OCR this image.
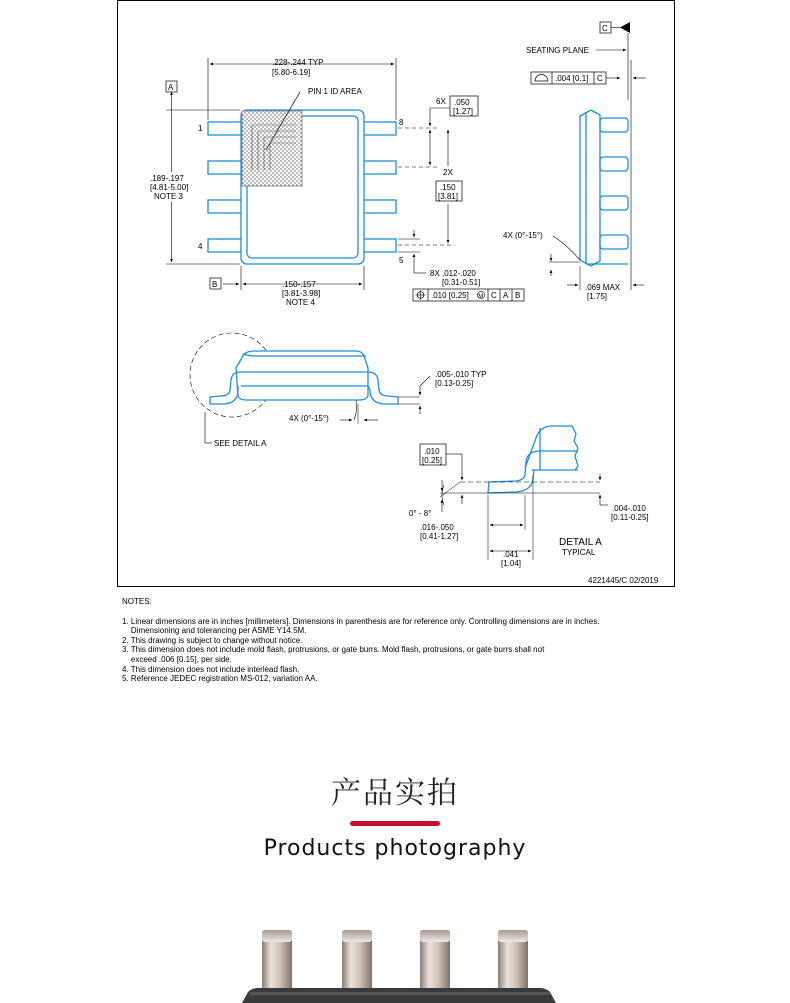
PIN 1 ID AREA
1
4
8
5
.228-.244 TYP
[5.80-6.19]
A
.189-.197
[4.81-5.00]
NOTE 3
B	.150-.157
[3.81-3.98]
NOTE 4
6X .050
[1.27]
2X
.150
[3.81]
8X .012-.020
[0.31-0.51]
M
.010 [0.25]	C A B
C
SEATING PLANE
.004 [0.1] C
4X (0°-15°)
.069 MAX
[1.75]
.005-.010 TYP
[0.13-0.25]
4X (0°-15°)
SEE DETAIL A
.010
[0.25]
0° - 8°
.004-.010
[0.11-0.25]
.016-.050
[0.41-1.27]
.041
[1.04]
DETAIL A
TYPICAL
4221445/C 02/2019
NOTES:
1. Linear dimensions are in inches [millimeters]. Dimensions in parenthesis are for reference only. Controlling dimensions are in inches.
Dimensioning and tolerancing per ASME Y14.5M.
2. This drawing is subject to change without notice.
3. This dimension does not include mold flash, protrusions, or gate burrs. Mold flash, protrusions, or gate burrs shall not
exceed .006 [0.15], per side.
4. This dimension does not include interlead flash.
5. Reference JEDEC registration MS-012, variation AA.
产品实拍
Products photography
